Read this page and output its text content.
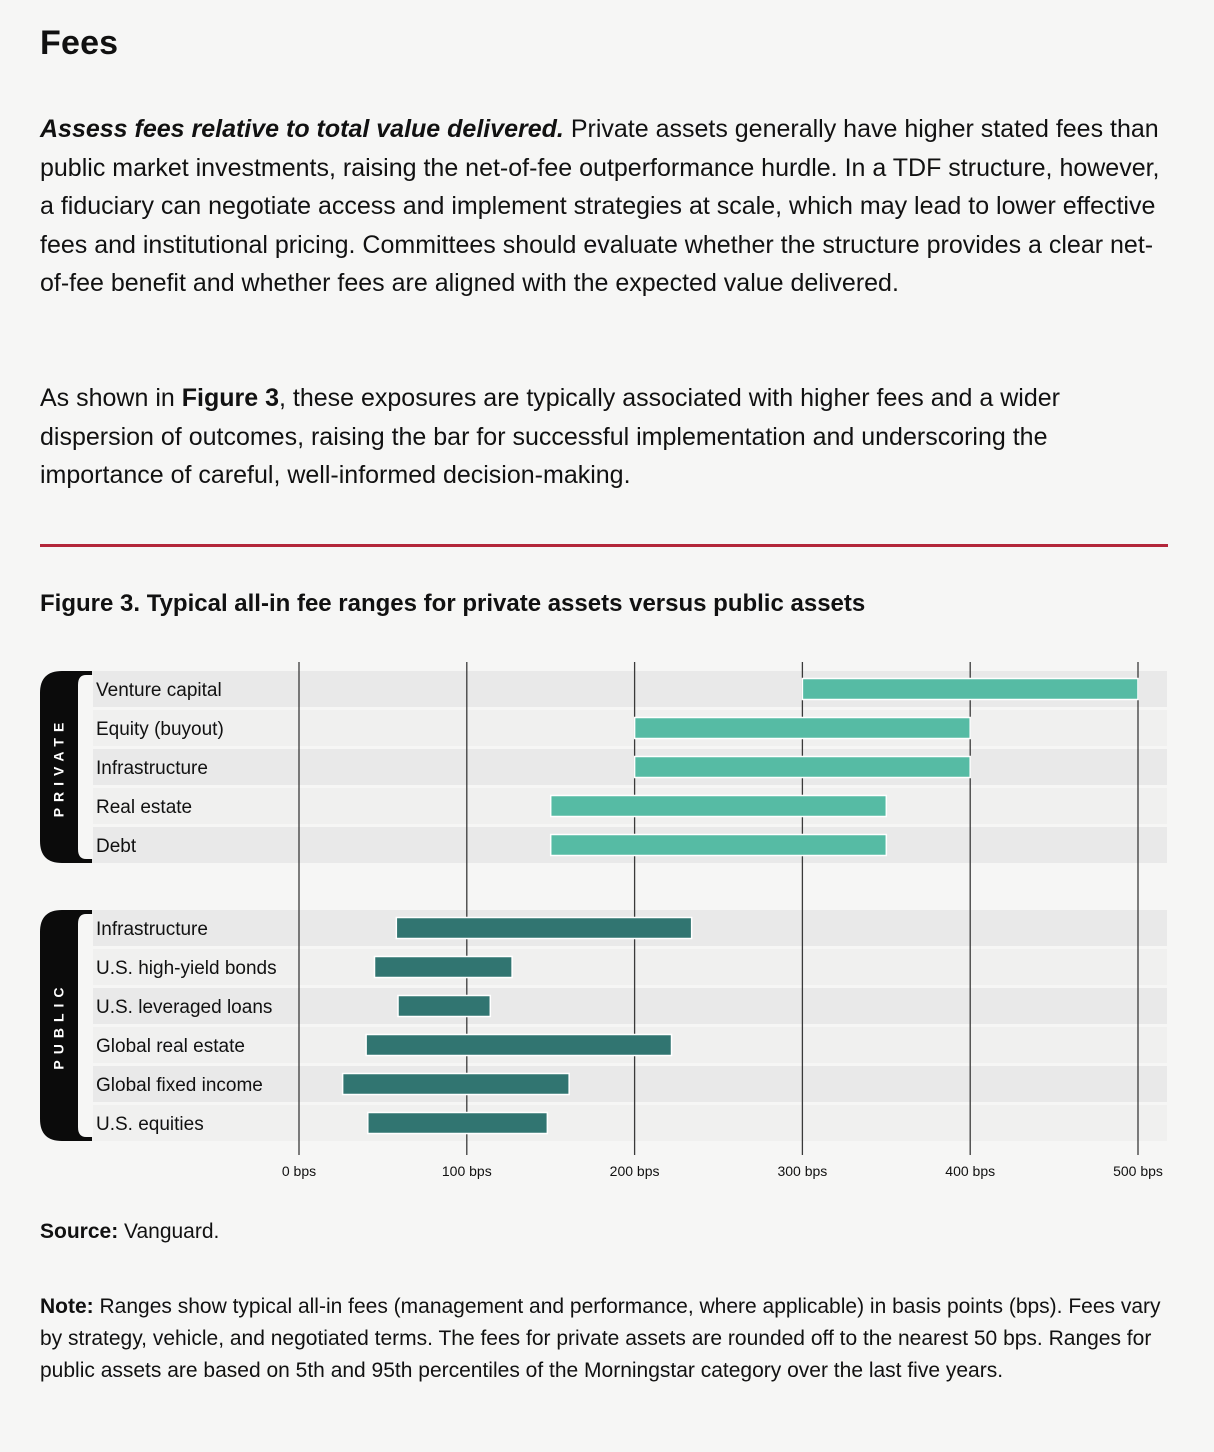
Fees

Assess fees relative to total value delivered. Private assets generally have higher stated fees than public market investments, raising the net-of-fee outperformance hurdle. In a TDF structure, however, a fiduciary can negotiate access and implement strategies at scale, which may lead to lower effective fees and institutional pricing. Committees should evaluate whether the structure provides a clear net-of-fee benefit and whether fees are aligned with the expected value delivered.

As shown in Figure 3, these exposures are typically associated with higher fees and a wider dispersion of outcomes, raising the bar for successful implementation and underscoring the importance of careful, well-informed decision-making.

Figure 3. Typical all-in fee ranges for private assets versus public assets
Venture capital
Equity (buyout)
Infrastructure
Real estate
Debt
Infrastructure
U.S. high-yield bonds
U.S. leveraged loans
Global real estate
Global fixed income
U.S. equities
PRIVATE
PUBLIC
0 bps	100 bps	200 bps	300 bps	400 bps	500 bps

Source: Vanguard.

Note: Ranges show typical all-in fees (management and performance, where applicable) in basis points (bps). Fees vary by strategy, vehicle, and negotiated terms. The fees for private assets are rounded off to the nearest 50 bps. Ranges for public assets are based on 5th and 95th percentiles of the Morningstar category over the last five years.
